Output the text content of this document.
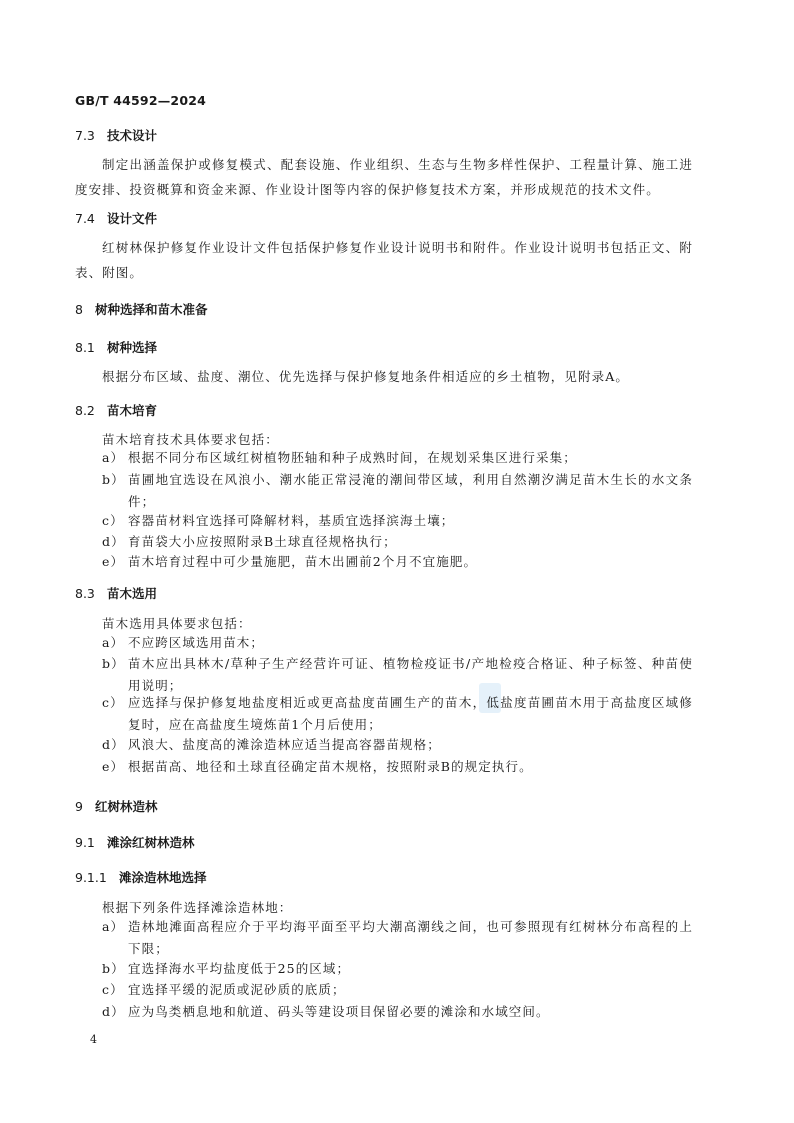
GB/T 44592—2024
7.3 技术设计

制定出涵盖保护或修复模式、配套设施、作业组织、生态与生物多样性保护、工程量计算、施工进度安排、投资概算和资金来源、作业设计图等内容的保护修复技术方案，并形成规范的技术文件。

7.4 设计文件

红树林保护修复作业设计文件包括保护修复作业设计说明书和附件。作业设计说明书包括正文、附表、附图。

8 树种选择和苗木准备
8.1 树种选择

根据分布区域、盐度、潮位、优先选择与保护修复地条件相适应的乡土植物，见附录A。

8.2 苗木培育

苗木培育技术具体要求包括：

a） 根据不同分布区域红树植物胚轴和种子成熟时间，在规划采集区进行采集；
b） 苗圃地宜选设在风浪小、潮水能正常浸淹的潮间带区域，利用自然潮汐满足苗木生长的水文条件；
c） 容器苗材料宜选择可降解材料，基质宜选择滨海土壤；
d） 育苗袋大小应按照附录B土球直径规格执行；
e） 苗木培育过程中可少量施肥，苗木出圃前2个月不宜施肥。
8.3 苗木选用

苗木选用具体要求包括：

a） 不应跨区域选用苗木；
b） 苗木应出具林木/草种子生产经营许可证、植物检疫证书/产地检疫合格证、种子标签、种苗使用说明；
c） 应选择与保护修复地盐度相近或更高盐度苗圃生产的苗木，低盐度苗圃苗木用于高盐度区域修复时，应在高盐度生境炼苗1个月后使用；
d） 风浪大、盐度高的滩涂造林应适当提高容器苗规格；
e） 根据苗高、地径和土球直径确定苗木规格，按照附录B的规定执行。
9 红树林造林
9.1 滩涂红树林造林
9.1.1 滩涂造林地选择

根据下列条件选择滩涂造林地：

a） 造林地滩面高程应介于平均海平面至平均大潮高潮线之间，也可参照现有红树林分布高程的上下限；
b） 宜选择海水平均盐度低于25的区域；
c） 宜选择平缓的泥质或泥砂质的底质；
d） 应为鸟类栖息地和航道、码头等建设项目保留必要的滩涂和水域空间。
4
